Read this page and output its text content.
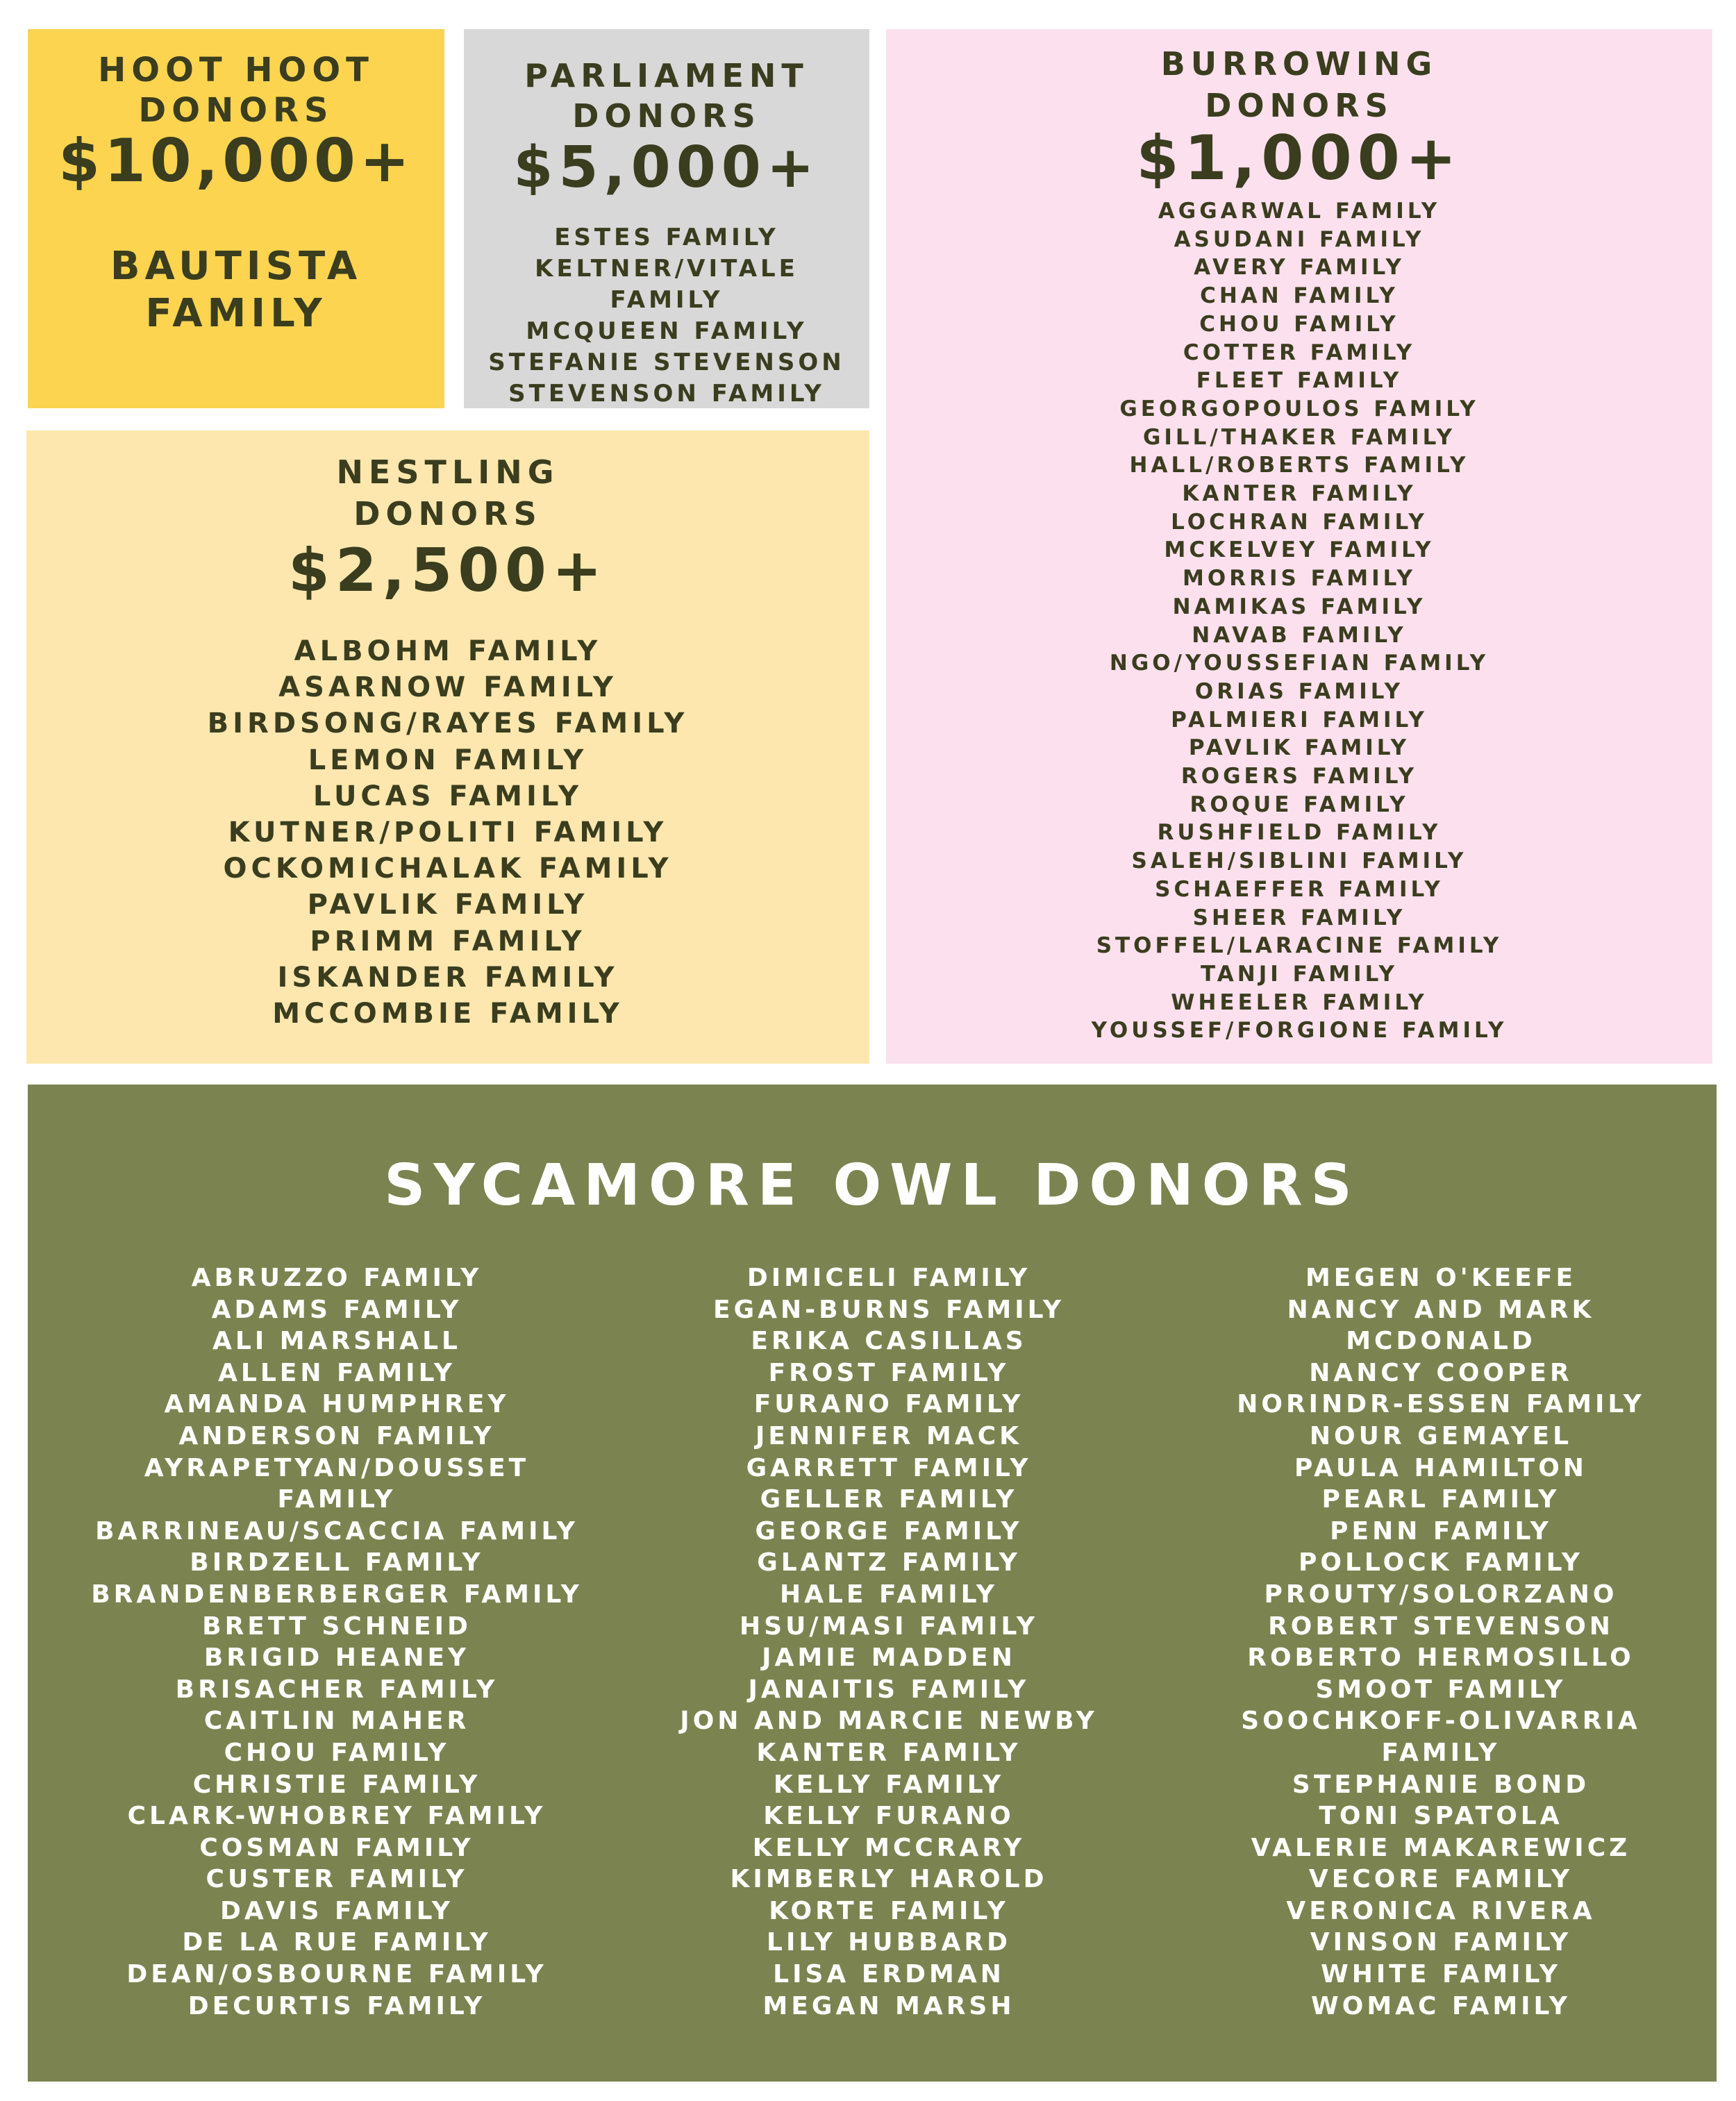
HOOT HOOT
DONORS
$10,000+
BAUTISTA
FAMILY
PARLIAMENT
DONORS
$5,000+
ESTES FAMILY
KELTNER/VITALE
FAMILY
MCQUEEN FAMILY
STEFANIE STEVENSON
STEVENSON FAMILY
BURROWING
DONORS
$1,000+
AGGARWAL FAMILY
ASUDANI FAMILY
AVERY FAMILY
CHAN FAMILY
CHOU FAMILY
COTTER FAMILY
FLEET FAMILY
GEORGOPOULOS FAMILY
GILL/THAKER FAMILY
HALL/ROBERTS FAMILY
KANTER FAMILY
LOCHRAN FAMILY
MCKELVEY FAMILY
MORRIS FAMILY
NAMIKAS FAMILY
NAVAB FAMILY
NGO/YOUSSEFIAN FAMILY
ORIAS FAMILY
PALMIERI FAMILY
PAVLIK FAMILY
ROGERS FAMILY
ROQUE FAMILY
RUSHFIELD FAMILY
SALEH/SIBLINI FAMILY
SCHAEFFER FAMILY
SHEER FAMILY
STOFFEL/LARACINE FAMILY
TANJI FAMILY
WHEELER FAMILY
YOUSSEF/FORGIONE FAMILY
NESTLING
DONORS
$2,500+
ALBOHM FAMILY
ASARNOW FAMILY
BIRDSONG/RAYES FAMILY
LEMON FAMILY
LUCAS FAMILY
KUTNER/POLITI FAMILY
OCKOMICHALAK FAMILY
PAVLIK FAMILY
PRIMM FAMILY
ISKANDER FAMILY
MCCOMBIE FAMILY
SYCAMORE OWL DONORS
ABRUZZO FAMILY
ADAMS FAMILY
ALI MARSHALL
ALLEN FAMILY
AMANDA HUMPHREY
ANDERSON FAMILY
AYRAPETYAN/DOUSSET
FAMILY
BARRINEAU/SCACCIA FAMILY
BIRDZELL FAMILY
BRANDENBERBERGER FAMILY
BRETT SCHNEID
BRIGID HEANEY
BRISACHER FAMILY
CAITLIN MAHER
CHOU FAMILY
CHRISTIE FAMILY
CLARK-WHOBREY FAMILY
COSMAN FAMILY
CUSTER FAMILY
DAVIS FAMILY
DE LA RUE FAMILY
DEAN/OSBOURNE FAMILY
DECURTIS FAMILY
DIMICELI FAMILY
EGAN-BURNS FAMILY
ERIKA CASILLAS
FROST FAMILY
FURANO FAMILY
JENNIFER MACK
GARRETT FAMILY
GELLER FAMILY
GEORGE FAMILY
GLANTZ FAMILY
HALE FAMILY
HSU/MASI FAMILY
JAMIE MADDEN
JANAITIS FAMILY
JON AND MARCIE NEWBY
KANTER FAMILY
KELLY FAMILY
KELLY FURANO
KELLY MCCRARY
KIMBERLY HAROLD
KORTE FAMILY
LILY HUBBARD
LISA ERDMAN
MEGAN MARSH
MEGEN O'KEEFE
NANCY AND MARK
MCDONALD
NANCY COOPER
NORINDR-ESSEN FAMILY
NOUR GEMAYEL
PAULA HAMILTON
PEARL FAMILY
PENN FAMILY
POLLOCK FAMILY
PROUTY/SOLORZANO
ROBERT STEVENSON
ROBERTO HERMOSILLO
SMOOT FAMILY
SOOCHKOFF-OLIVARRIA
FAMILY
STEPHANIE BOND
TONI SPATOLA
VALERIE MAKAREWICZ
VECORE FAMILY
VERONICA RIVERA
VINSON FAMILY
WHITE FAMILY
WOMAC FAMILY
